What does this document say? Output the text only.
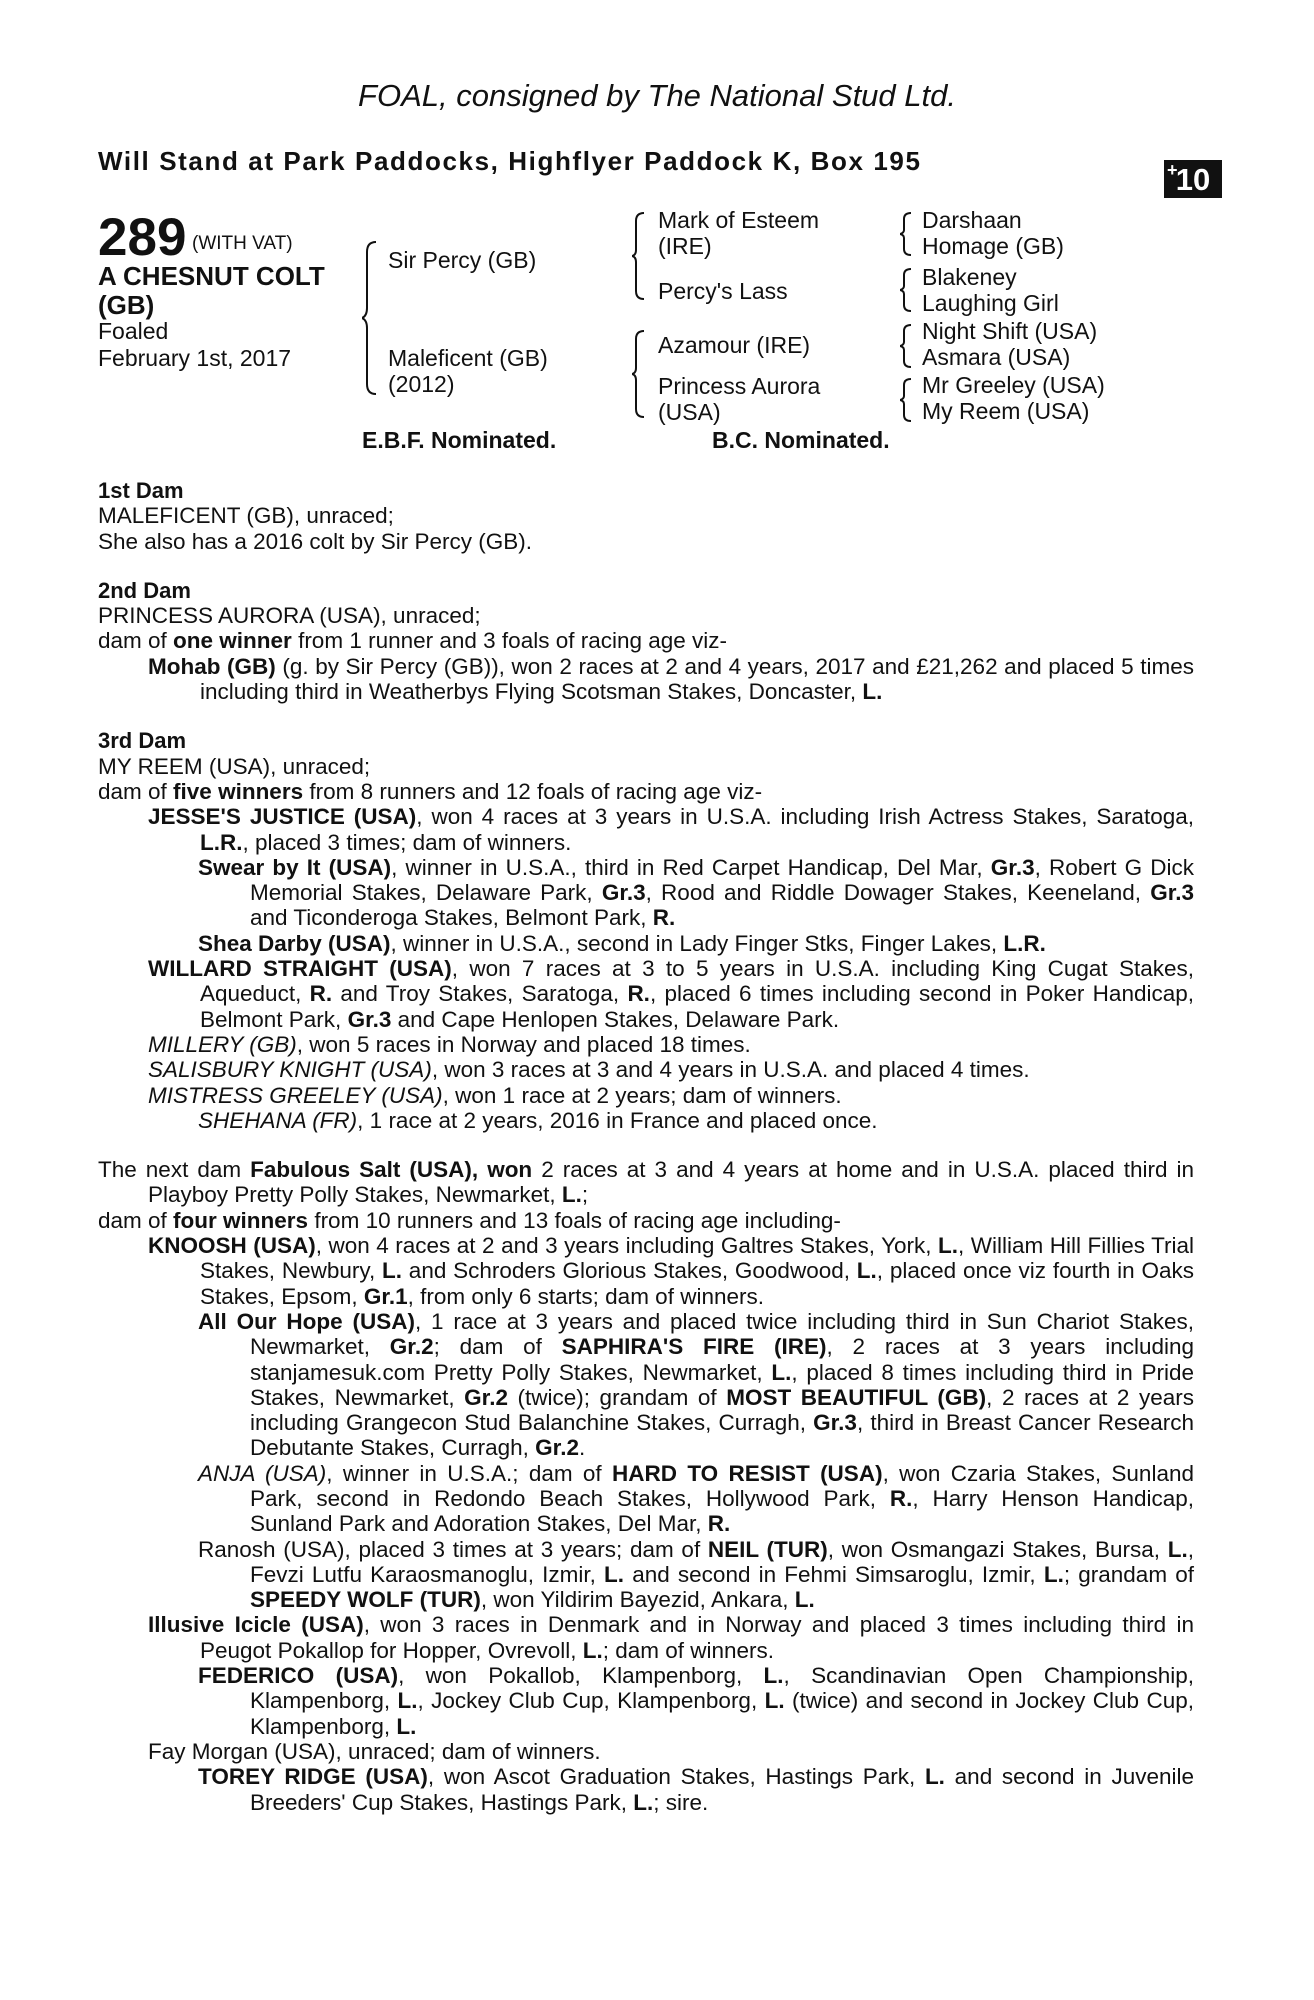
FOAL, consigned by The National Stud Ltd.
Will Stand at Park Paddocks, Highflyer Paddock K, Box 195	+
10
289 (WITH VAT)
A CHESNUT COLT
(GB)
Foaled
February 1st, 2017
Sir Percy (GB)
Maleficent (GB)
(2012)
Mark of Esteem
(IRE)
Percy's Lass
Azamour (IRE)
Princess Aurora
(USA)
Darshaan
Homage (GB)
Blakeney
Laughing Girl
Night Shift (USA)
Asmara (USA)
Mr Greeley (USA)
My Reem (USA)
E.B.F. Nominated.	B.C. Nominated.

1st Dam

MALEFICENT (GB), unraced;

She also has a 2016 colt by Sir Percy (GB).

2nd Dam

PRINCESS AURORA (USA), unraced;

dam of one winner from 1 runner and 3 foals of racing age viz-

Mohab (GB) (g. by Sir Percy (GB)), won 2 races at 2 and 4 years, 2017 and £21,262 and placed 5 times including third in Weatherbys Flying Scotsman Stakes, Doncaster, L.

3rd Dam

MY REEM (USA), unraced;

dam of five winners from 8 runners and 12 foals of racing age viz-

JESSE'S JUSTICE (USA), won 4 races at 3 years in U.S.A. including Irish Actress Stakes, Saratoga, L.R., placed 3 times; dam of winners.

Swear by It (USA), winner in U.S.A., third in Red Carpet Handicap, Del Mar, Gr.3, Robert G Dick Memorial Stakes, Delaware Park, Gr.3, Rood and Riddle Dowager Stakes, Keeneland, Gr.3 and Ticonderoga Stakes, Belmont Park, R.

Shea Darby (USA), winner in U.S.A., second in Lady Finger Stks, Finger Lakes, L.R.

WILLARD STRAIGHT (USA), won 7 races at 3 to 5 years in U.S.A. including King Cugat Stakes, Aqueduct, R. and Troy Stakes, Saratoga, R., placed 6 times including second in Poker Handicap, Belmont Park, Gr.3 and Cape Henlopen Stakes, Delaware Park.

MILLERY (GB), won 5 races in Norway and placed 18 times.

SALISBURY KNIGHT (USA), won 3 races at 3 and 4 years in U.S.A. and placed 4 times.

MISTRESS GREELEY (USA), won 1 race at 2 years; dam of winners.

SHEHANA (FR), 1 race at 2 years, 2016 in France and placed once.

The next dam Fabulous Salt (USA), won 2 races at 3 and 4 years at home and in U.S.A. placed third in Playboy Pretty Polly Stakes, Newmarket, L.;

dam of four winners from 10 runners and 13 foals of racing age including-

KNOOSH (USA), won 4 races at 2 and 3 years including Galtres Stakes, York, L., William Hill Fillies Trial Stakes, Newbury, L. and Schroders Glorious Stakes, Goodwood, L., placed once viz fourth in Oaks Stakes, Epsom, Gr.1, from only 6 starts; dam of winners.

All Our Hope (USA), 1 race at 3 years and placed twice including third in Sun Chariot Stakes, Newmarket, Gr.2; dam of SAPHIRA'S FIRE (IRE), 2 races at 3 years including stanjamesuk.com Pretty Polly Stakes, Newmarket, L., placed 8 times including third in Pride Stakes, Newmarket, Gr.2 (twice); grandam of MOST BEAUTIFUL (GB), 2 races at 2 years including Grangecon Stud Balanchine Stakes, Curragh, Gr.3, third in Breast Cancer Research Debutante Stakes, Curragh, Gr.2.

ANJA (USA), winner in U.S.A.; dam of HARD TO RESIST (USA), won Czaria Stakes, Sunland Park, second in Redondo Beach Stakes, Hollywood Park, R., Harry Henson Handicap, Sunland Park and Adoration Stakes, Del Mar, R.

Ranosh (USA), placed 3 times at 3 years; dam of NEIL (TUR), won Osmangazi Stakes, Bursa, L., Fevzi Lutfu Karaosmanoglu, Izmir, L. and second in Fehmi Simsaroglu, Izmir, L.; grandam of SPEEDY WOLF (TUR), won Yildirim Bayezid, Ankara, L.

Illusive Icicle (USA), won 3 races in Denmark and in Norway and placed 3 times including third in Peugot Pokallop for Hopper, Ovrevoll, L.; dam of winners.

FEDERICO (USA), won Pokallob, Klampenborg, L., Scandinavian Open Championship, Klampenborg, L., Jockey Club Cup, Klampenborg, L. (twice) and second in Jockey Club Cup, Klampenborg, L.

Fay Morgan (USA), unraced; dam of winners.

TOREY RIDGE (USA), won Ascot Graduation Stakes, Hastings Park, L. and second in Juvenile Breeders' Cup Stakes, Hastings Park, L.; sire.
